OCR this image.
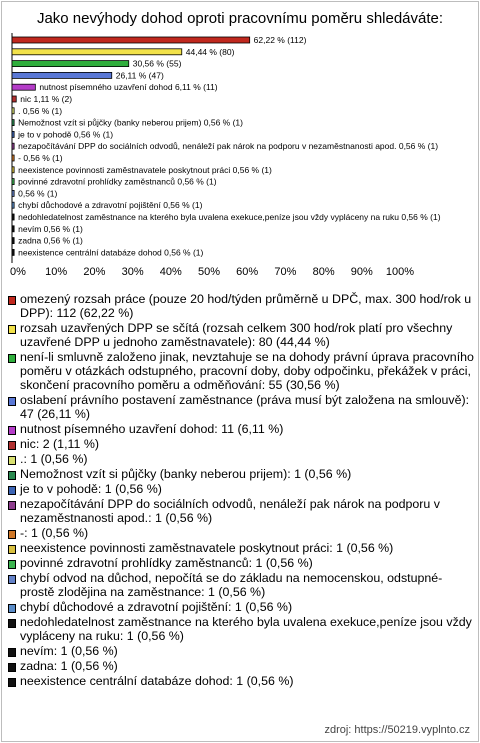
Jako nevýhody dohod oproti pracovnímu poměru shledáváte:
62,22 % (112)
44,44 % (80)
30,56 % (55)
26,11 % (47)
nutnost písemného uzavření dohod 6,11 % (11)
nic 1,11 % (2)
. 0,56 % (1)
Nemožnost vzít si půjčky (banky neberou prijem) 0,56 % (1)
je to v pohodě 0,56 % (1)
nezapočítávání DPP do sociálních odvodů, nenáleží pak nárok na podporu v nezaměstnanosti apod. 0,56 % (1)
- 0,56 % (1)
neexistence povinnosti zaměstnavatele poskytnout práci 0,56 % (1)
povinné zdravotní prohlídky zaměstnanců 0,56 % (1)
0,56 % (1)
chybí důchodové a zdravotní pojištění 0,56 % (1)
nedohledatelnost zaměstnance na kterého byla uvalena exekuce,peníze jsou vždy vypláceny na ruku 0,56 % (1)
nevím 0,56 % (1)
zadna 0,56 % (1)
neexistence centrální databáze dohod 0,56 % (1)
0% 10% 20% 30% 40% 50% 60% 70% 80% 90% 100%
omezený rozsah práce (pouze 20 hod/týden průměrně u DPČ, max. 300 hod/rok u DPP): 112 (62,22 %)
rozsah uzavřených DPP se sčítá (rozsah celkem 300 hod/rok platí pro všechny uzavřené DPP u jednoho zaměstnavatele): 80 (44,44 %)
není-li smluvně založeno jinak, nevztahuje se na dohody právní úprava pracovního poměru v otázkách odstupného, pracovní doby, doby odpočinku, překážek v práci, skončení pracovního poměru a odměňování: 55 (30,56 %)
oslabení právního postavení zaměstnance (práva musí být založena na smlouvě): 47 (26,11 %)
nutnost písemného uzavření dohod: 11 (6,11 %)
nic: 2 (1,11 %)
.: 1 (0,56 %)
Nemožnost vzít si půjčky (banky neberou prijem): 1 (0,56 %)
je to v pohodě: 1 (0,56 %)
nezapočítávání DPP do sociálních odvodů, nenáleží pak nárok na podporu v nezaměstnanosti apod.: 1 (0,56 %)
-: 1 (0,56 %)
neexistence povinnosti zaměstnavatele poskytnout práci: 1 (0,56 %)
povinné zdravotní prohlídky zaměstnanců: 1 (0,56 %)
chybí odvod na důchod, nepočítá se do základu na nemocenskou, odstupné-prostě zlodějina na zaměstnance: 1 (0,56 %)
chybí důchodové a zdravotní pojištění: 1 (0,56 %)
nedohledatelnost zaměstnance na kterého byla uvalena exekuce,peníze jsou vždy vypláceny na ruku: 1 (0,56 %)
nevím: 1 (0,56 %)
zadna: 1 (0,56 %)
neexistence centrální databáze dohod: 1 (0,56 %)
zdroj: https://50219.vyplnto.cz
